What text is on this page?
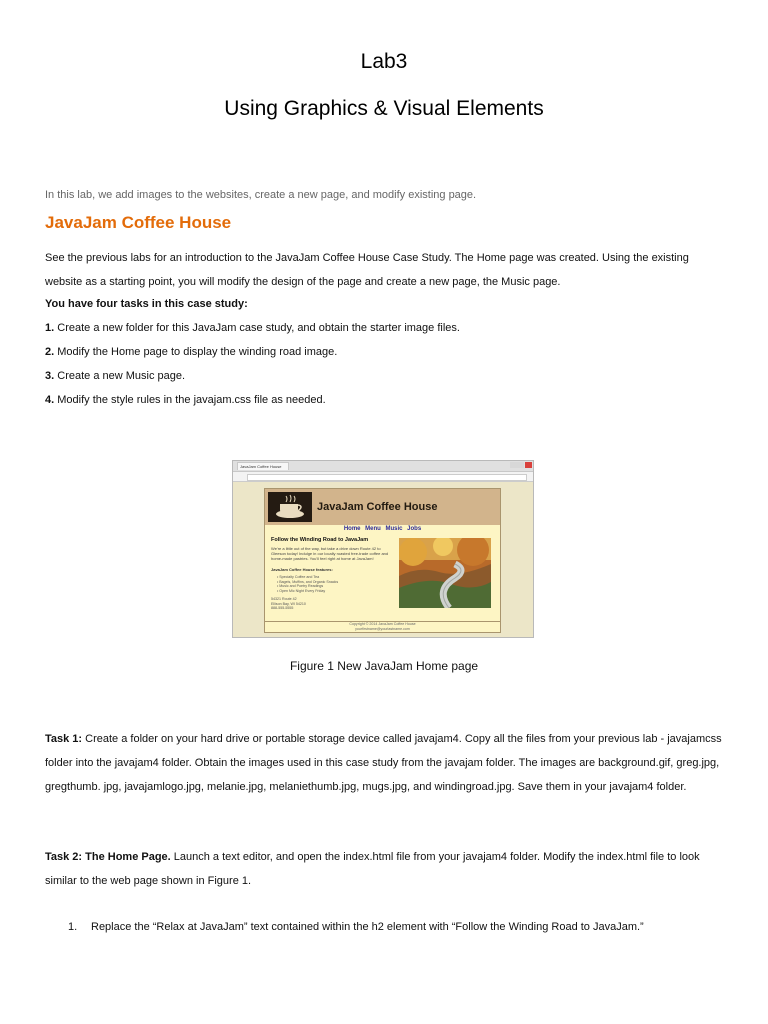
Lab3
Using Graphics & Visual Elements
In this lab, we add images to the websites, create a new page, and modify existing page.
JavaJam Coffee House
See the previous labs for an introduction to the JavaJam Coffee House Case Study. The Home page was created. Using the existing website as a starting point, you will modify the design of the page and create a new page, the Music page.
You have four tasks in this case study:
1. Create a new folder for this JavaJam case study, and obtain the starter image files.
2. Modify the Home page to display the winding road image.
3. Create a new Music page.
4. Modify the style rules in the javajam.css file as needed.
JavaJam Coffee House
JavaJam Coffee House
Home Menu Music Jobs
Follow the Winding Road to JavaJam
We're a little out of the way, but take a drive down Route 42 to Gleeson today! Indulge in our locally roasted free-trade coffee and home-made pastries. You'll feel right at home at JavaJam!
JavaJam Coffee House features:
• Specialty Coffee and Tea
• Bagels, Muffins, and Organic Snacks
• Music and Poetry Readings
• Open Mic Night Every Friday
54321 Route 42
Ellison Bay, WI 54210
888-555-5555
Copyright © 2014 JavaJam Coffee House
yourfirstname@yourlastname.com
Figure 1 New JavaJam Home page
Task 1: Create a folder on your hard drive or portable storage device called javajam4. Copy all the files from your previous lab - javajamcss folder into the javajam4 folder. Obtain the images used in this case study from the javajam folder. The images are background.gif, greg.jpg, gregthumb. jpg, javajamlogo.jpg, melanie.jpg, melaniethumb.jpg, mugs.jpg, and windingroad.jpg. Save them in your javajam4 folder.
Task 2: The Home Page. Launch a text editor, and open the index.html file from your javajam4 folder. Modify the index.html file to look similar to the web page shown in Figure 1.
1. Replace the “Relax at JavaJam” text contained within the h2 element with “Follow the Winding Road to JavaJam.”
